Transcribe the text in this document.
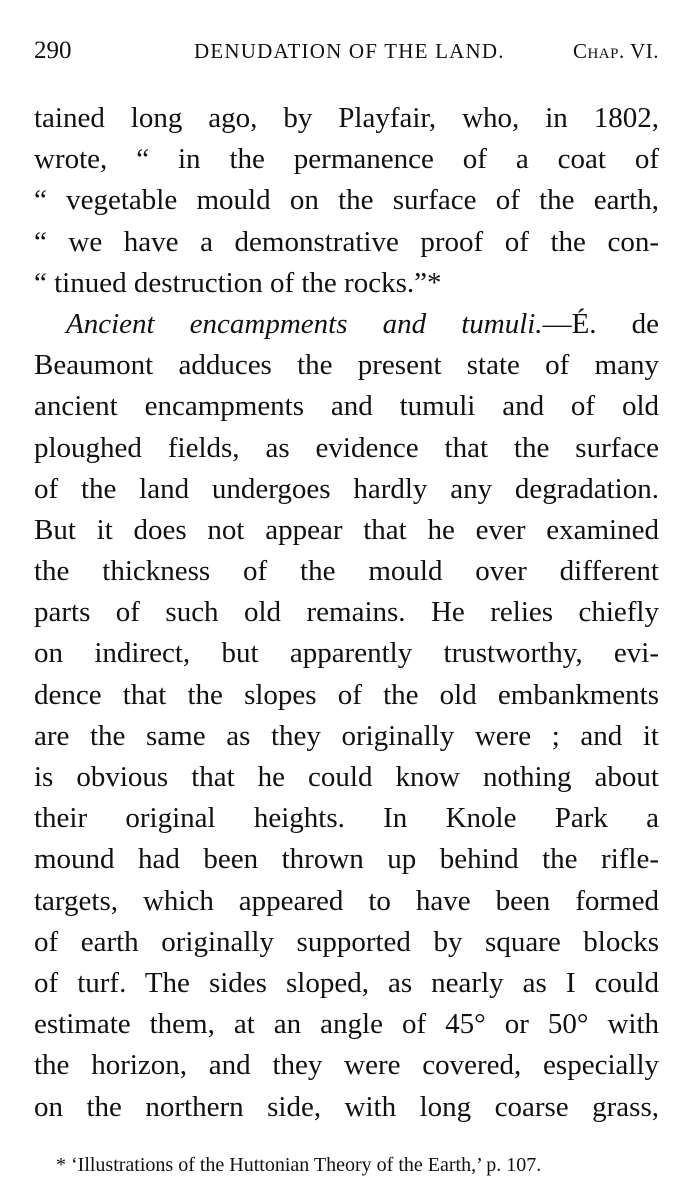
290	DENUDATION OF THE LAND.	Chap. VI.
tained long ago, by Playfair, who, in 1802,
wrote, “ in the permanence of a coat of
“ vegetable mould on the surface of the earth,
“ we have a demonstrative proof of the con-
“ tinued destruction of the rocks.”*
Ancient encampments and tumuli.—É. de
Beaumont adduces the present state of many
ancient encampments and tumuli and of old
ploughed fields, as evidence that the surface
of the land undergoes hardly any degradation.
But it does not appear that he ever examined
the thickness of the mould over different
parts of such old remains. He relies chiefly
on indirect, but apparently trustworthy, evi-
dence that the slopes of the old embankments
are the same as they originally were ; and it
is obvious that he could know nothing about
their original heights. In Knole Park a
mound had been thrown up behind the rifle-
targets, which appeared to have been formed
of earth originally supported by square blocks
of turf. The sides sloped, as nearly as I could
estimate them, at an angle of 45° or 50° with
the horizon, and they were covered, especially
on the northern side, with long coarse grass,
* ‘Illustrations of the Huttonian Theory of the Earth,’ p. 107.
